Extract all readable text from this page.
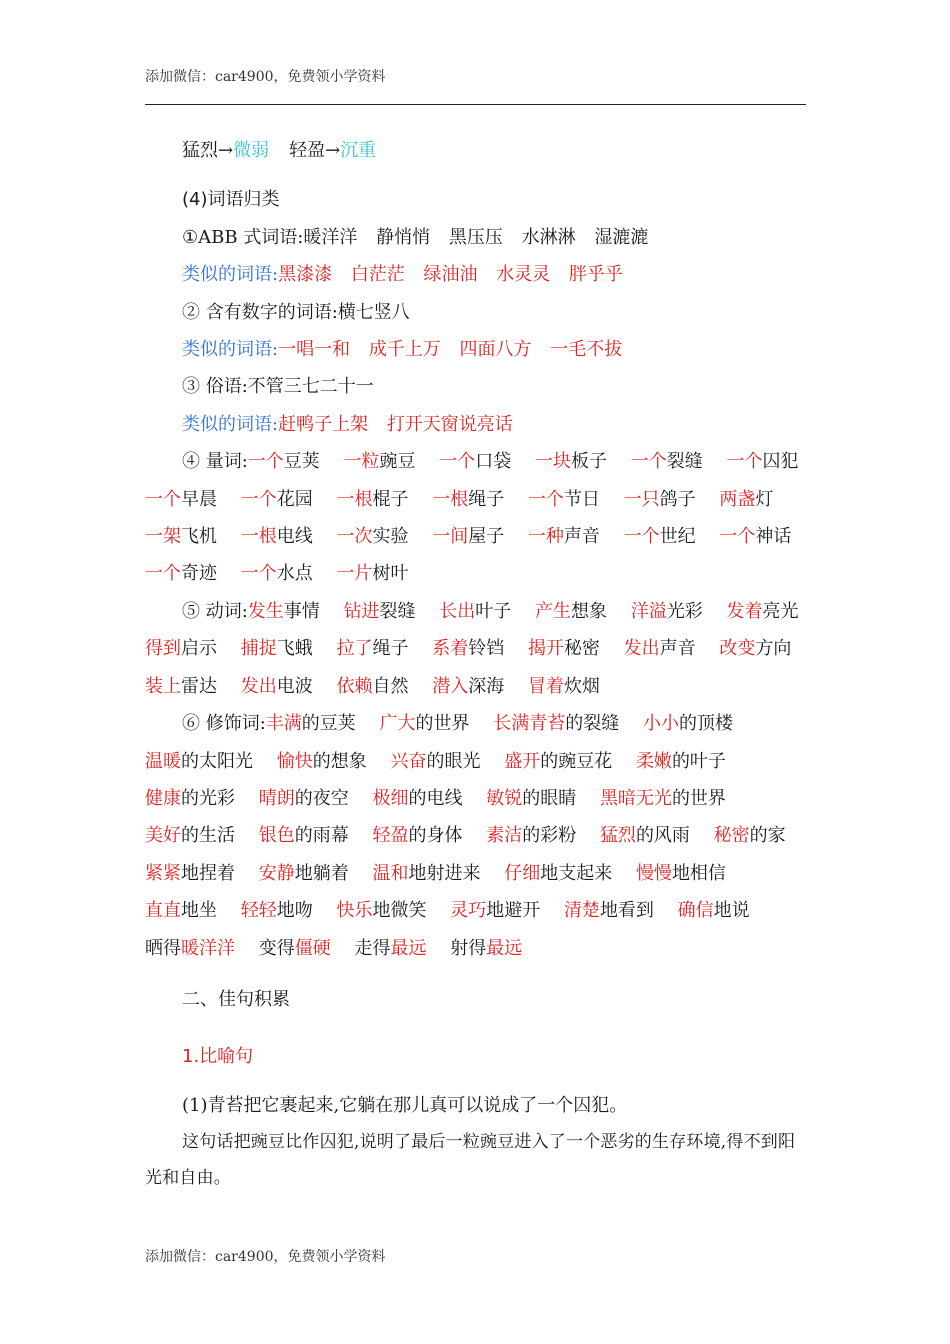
添加微信：car4900，免费领小学资料
猛烈→微弱 轻盈→沉重
(4)词语归类
①ABB 式词语:暖洋洋 静悄悄 黑压压 水淋淋 湿漉漉
类似的词语:黑漆漆 白茫茫 绿油油 水灵灵 胖乎乎
② 含有数字的词语:横七竖八
类似的词语:一唱一和 成千上万 四面八方 一毛不拔
③ 俗语:不管三七二十一
类似的词语:赶鸭子上架 打开天窗说亮话
④ 量词:一个豆荚　 一粒豌豆　 一个口袋　 一块板子　 一个裂缝　 一个囚犯　 一个早晨　 一个花园　 一根棍子　 一根绳子　 一个节日　 一只鸽子　 两盏灯　 一架飞机　 一根电线　 一次实验　 一间屋子　 一种声音　 一个世纪　 一个神话　 一个奇迹　 一个水点　 一片树叶
⑤ 动词:发生事情　 钻进裂缝　 长出叶子　 产生想象　 洋溢光彩　 发着亮光　 得到启示　 捕捉飞蛾　 拉了绳子　 系着铃铛　 揭开秘密　 发出声音　 改变方向　 装上雷达　 发出电波　 依赖自然　 潜入深海　 冒着炊烟
⑥ 修饰词:丰满的豆荚　 广大的世界　 长满青苔的裂缝　 小小的顶楼　 温暖的太阳光　 愉快的想象　 兴奋的眼光　 盛开的豌豆花　 柔嫩的叶子　 健康的光彩　 晴朗的夜空　 极细的电线　 敏锐的眼睛　 黑暗无光的世界　 美好的生活　 银色的雨幕　 轻盈的身体　 素洁的彩粉　 猛烈的风雨　 秘密的家　 紧紧地捏着　 安静地躺着　 温和地射进来　 仔细地支起来　 慢慢地相信　 直直地坐　 轻轻地吻　 快乐地微笑　 灵巧地避开　 清楚地看到　 确信地说　 晒得暖洋洋　 变得僵硬　 走得最远　 射得最远
二、佳句积累
1.比喻句
(1)青苔把它裹起来,它躺在那儿真可以说成了一个囚犯。
这句话把豌豆比作囚犯,说明了最后一粒豌豆进入了一个恶劣的生存环境,得不到阳光和自由。
添加微信：car4900，免费领小学资料
